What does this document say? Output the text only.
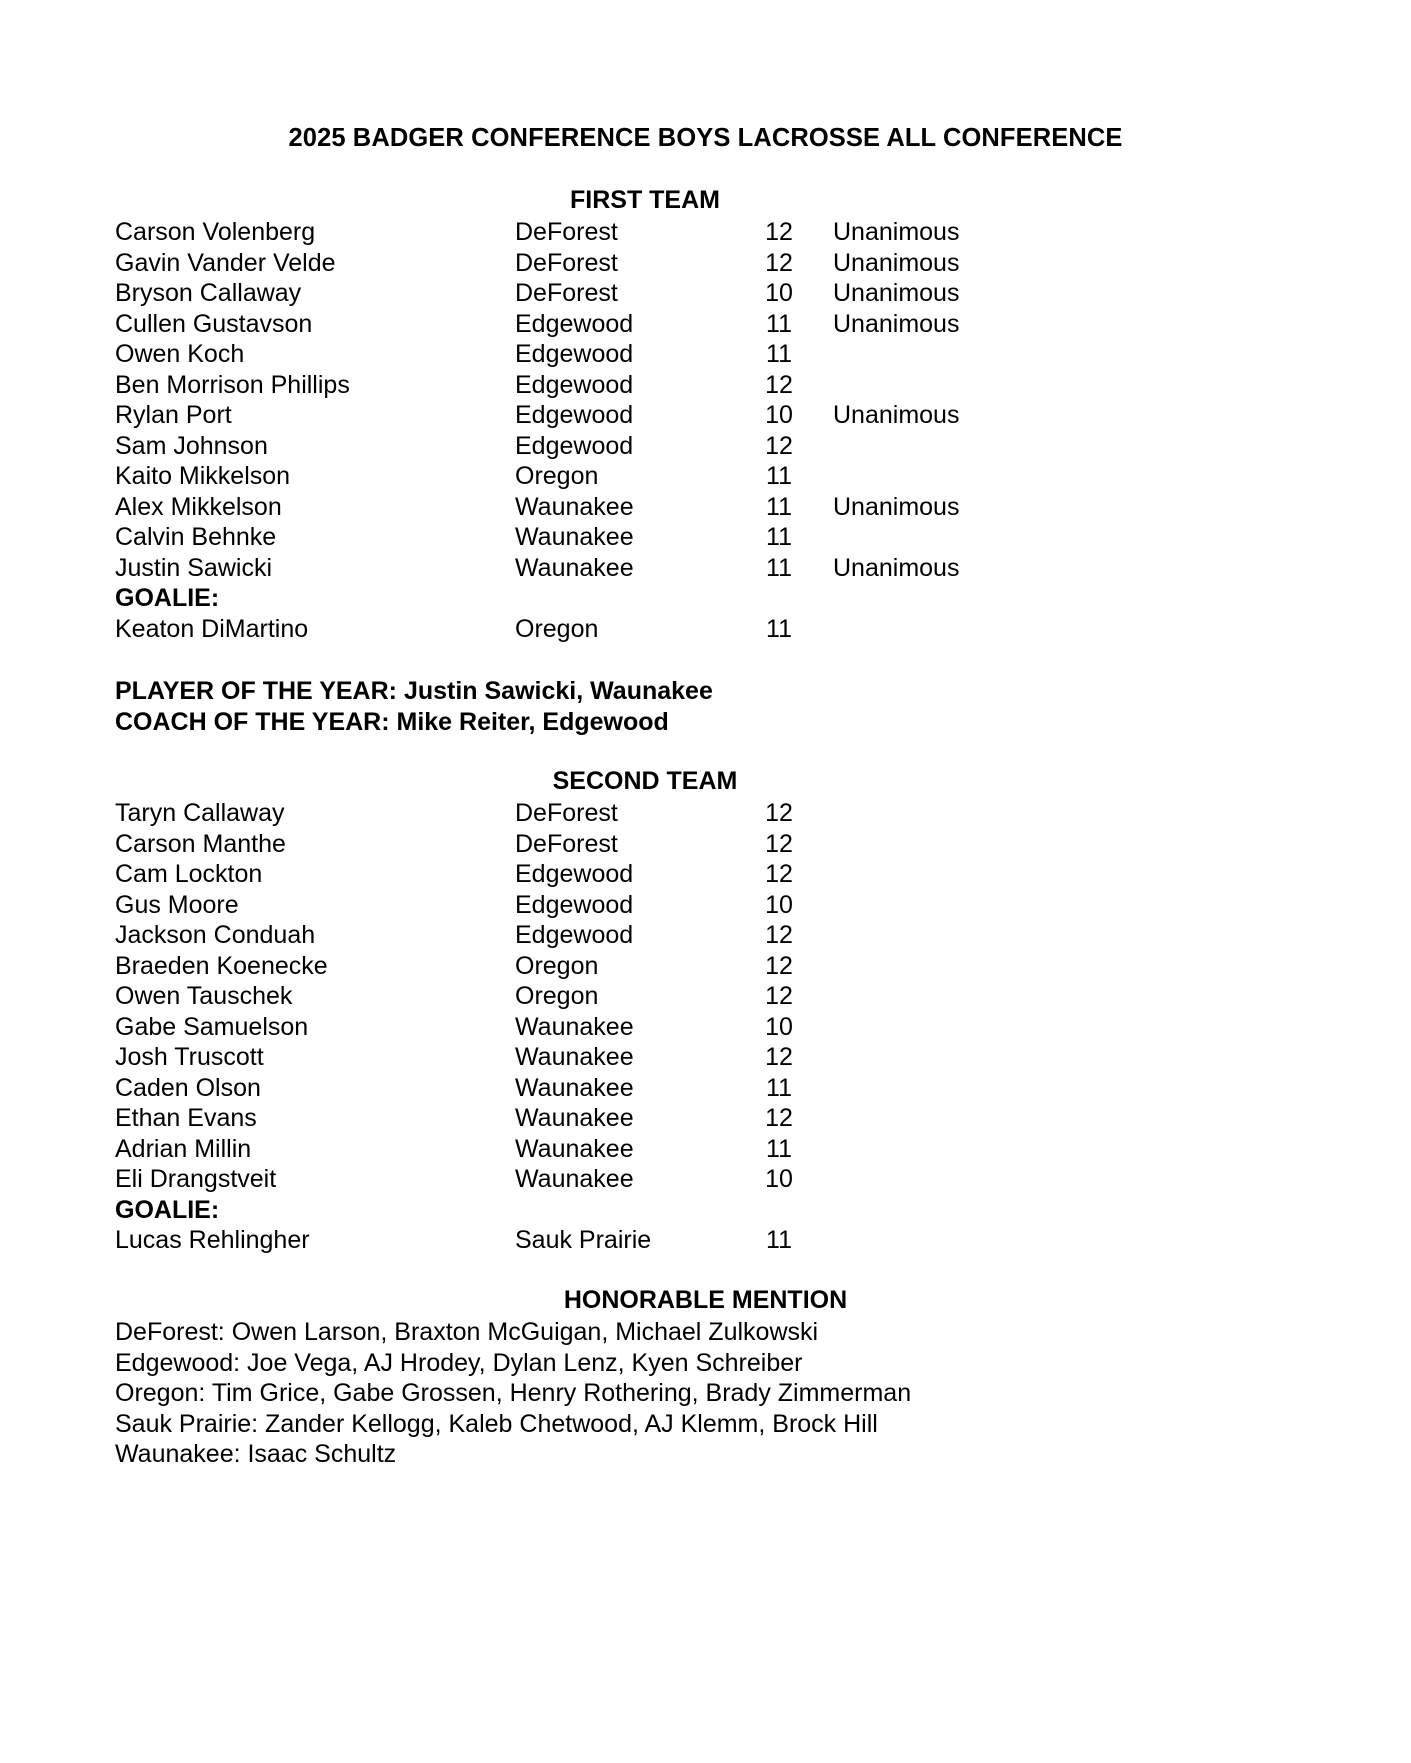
2025 BADGER CONFERENCE BOYS LACROSSE ALL CONFERENCE
FIRST TEAM
Carson Volenberg	DeForest	12 Unanimous
Gavin Vander Velde	DeForest	12 Unanimous
Bryson Callaway	DeForest	10 Unanimous
Cullen Gustavson	Edgewood	11 Unanimous
Owen Koch	Edgewood	11
Ben Morrison Phillips	Edgewood	12
Rylan Port	Edgewood	10 Unanimous
Sam Johnson	Edgewood	12
Kaito Mikkelson	Oregon	11
Alex Mikkelson	Waunakee	11 Unanimous
Calvin Behnke	Waunakee	11
Justin Sawicki	Waunakee	11 Unanimous
GOALIE:
Keaton DiMartino	Oregon	11
PLAYER OF THE YEAR: Justin Sawicki, Waunakee
COACH OF THE YEAR: Mike Reiter, Edgewood
SECOND TEAM
Taryn Callaway	DeForest	12
Carson Manthe	DeForest	12
Cam Lockton	Edgewood	12
Gus Moore	Edgewood	10
Jackson Conduah	Edgewood	12
Braeden Koenecke	Oregon	12
Owen Tauschek	Oregon	12
Gabe Samuelson	Waunakee	10
Josh Truscott	Waunakee	12
Caden Olson	Waunakee	11
Ethan Evans	Waunakee	12
Adrian Millin	Waunakee	11
Eli Drangstveit	Waunakee	10
GOALIE:
Lucas Rehlingher	Sauk Prairie	11
HONORABLE MENTION
DeForest: Owen Larson, Braxton McGuigan, Michael Zulkowski
Edgewood: Joe Vega, AJ Hrodey, Dylan Lenz, Kyen Schreiber
Oregon: Tim Grice, Gabe Grossen, Henry Rothering, Brady Zimmerman
Sauk Prairie: Zander Kellogg, Kaleb Chetwood, AJ Klemm, Brock Hill
Waunakee: Isaac Schultz
